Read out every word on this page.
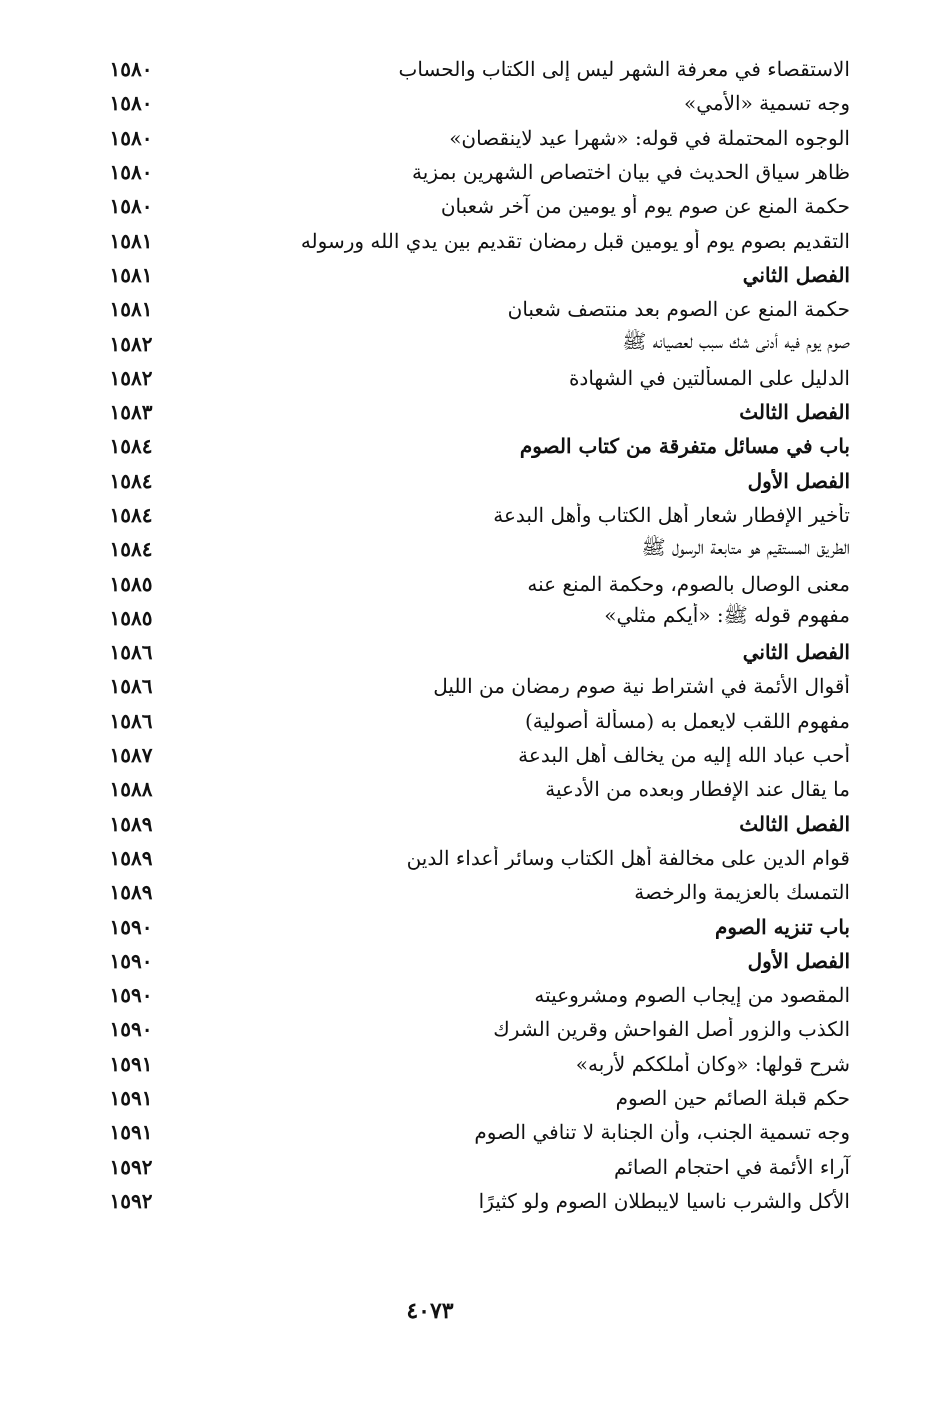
١٥٨٠	الاستقصاء في معرفة الشهر ليس إلى الكتاب والحساب
١٥٨٠	وجه تسمية «الأمي»
١٥٨٠	الوجوه المحتملة في قوله: «شهرا عيد لاينقصان»
١٥٨٠	ظاهر سياق الحديث في بيان اختصاص الشهرين بمزية
١٥٨٠	حكمة المنع عن صوم يوم أو يومين من آخر شعبان
١٥٨١	التقديم بصوم يوم أو يومين قبل رمضان تقديم بين يدي الله ورسوله
١٥٨١	الفصل الثاني
١٥٨١	حكمة المنع عن الصوم بعد منتصف شعبان
١٥٨٢	صوم يوم فيه أدنى شك سبب لعصيانه ﷺ
١٥٨٢	الدليل على المسألتين في الشهادة
١٥٨٣	الفصل الثالث
١٥٨٤	باب في مسائل متفرقة من كتاب الصوم
١٥٨٤	الفصل الأول
١٥٨٤	تأخير الإفطار شعار أهل الكتاب وأهل البدعة
١٥٨٤	الطريق المستقيم هو متابعة الرسول ﷺ
١٥٨٥	معنى الوصال بالصوم، وحكمة المنع عنه
١٥٨٥	مفهوم قوله ﷺ: «أيكم مثلي»
١٥٨٦	الفصل الثاني
١٥٨٦	أقوال الأئمة في اشتراط نية صوم رمضان من الليل
١٥٨٦	مفهوم اللقب لايعمل به (مسألة أصولية)
١٥٨٧	أحب عباد الله إليه من يخالف أهل البدعة
١٥٨٨	ما يقال عند الإفطار وبعده من الأدعية
١٥٨٩	الفصل الثالث
١٥٨٩	قوام الدين على مخالفة أهل الكتاب وسائر أعداء الدين
١٥٨٩	التمسك بالعزيمة والرخصة
١٥٩٠	باب تنزيه الصوم
١٥٩٠	الفصل الأول
١٥٩٠	المقصود من إيجاب الصوم ومشروعيته
١٥٩٠	الكذب والزور أصل الفواحش وقرين الشرك
١٥٩١	شرح قولها: «وكان أملككم لأربه»
١٥٩١	حكم قبلة الصائم حين الصوم
١٥٩١	وجه تسمية الجنب، وأن الجنابة لا تنافي الصوم
١٥٩٢	آراء الأئمة في احتجام الصائم
١٥٩٢	الأكل والشرب ناسيا لايبطلان الصوم ولو كثيرًا
٤٠٧٣
